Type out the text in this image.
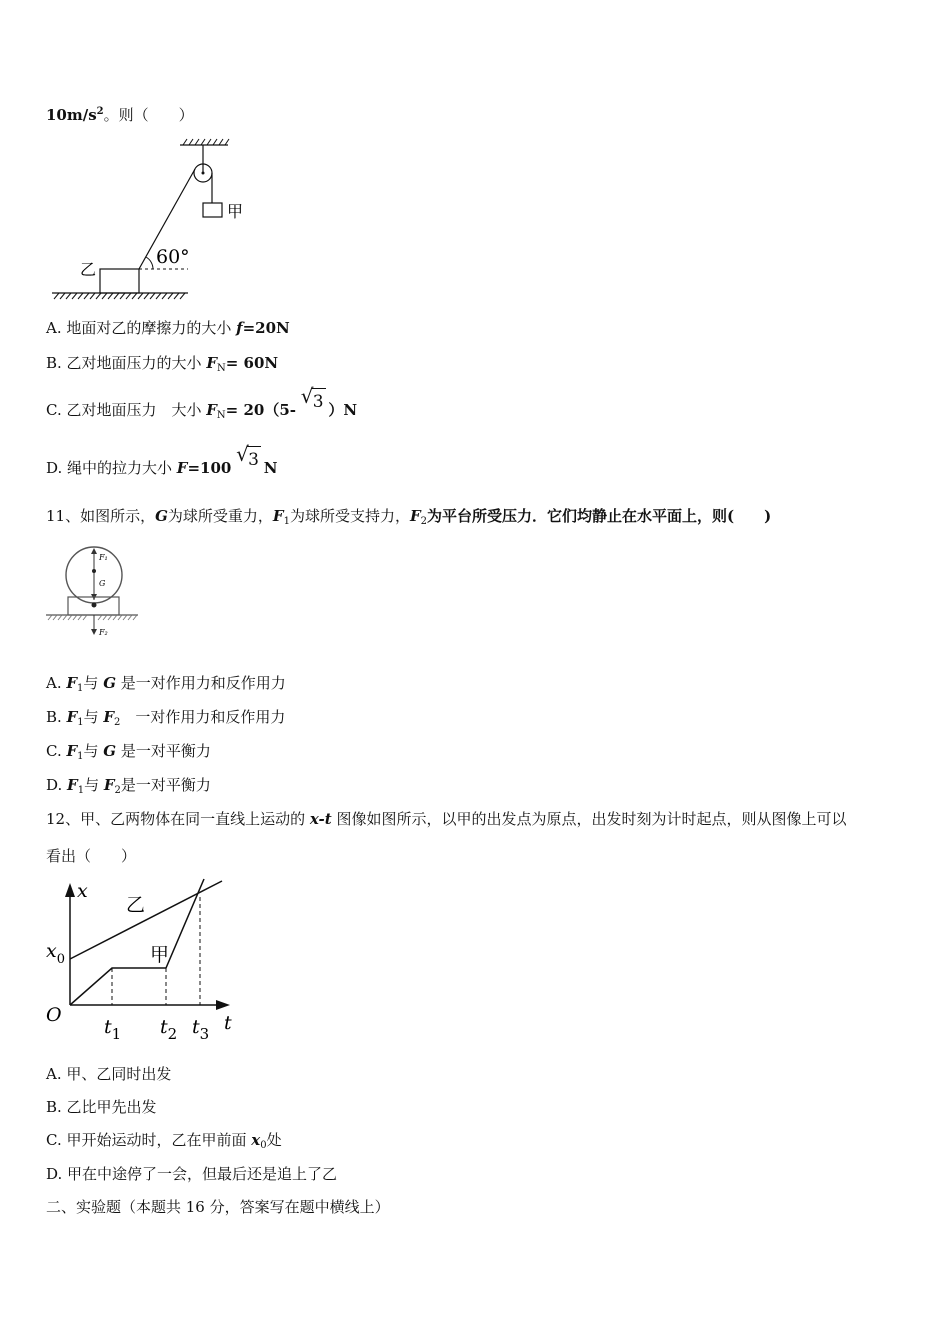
$10m/s^2$。则（　　）
甲
60°
乙
A. 地面对乙的摩擦力的大小 f=20N
B. 乙对地面压力的大小 $F_N= 60N$
C. 乙对地面压力　大小 $F_N= 20(5-$
√ 3 ）N
D. 绳中的拉力大小 F=100
√ 3 N
11、如图所示，G为球所受重力，$F_1$为球所受支持力，$F_2$为平台所受压力．它们均静止在水平面上，则(　　)
F₁
G
F₂
A. $F_1$与 G 是一对作用力和反作用力
B. $F_1$与 $F_2$　一对作用力和反作用力
C. $F_1$与 G 是一对平衡力
D. $F_1$与 $F_2$是一对平衡力
12、甲、乙两物体在同一直线上运动的 x-t 图像如图所示，以甲的出发点为原点，出发时刻为计时起点，则从图像上可以
看出（　　）
x
t
O
$x_0$
乙
甲
$t_1$ $t_2$ $t_3$
A. 甲、乙同时出发
B. 乙比甲先出发
C. 甲开始运动时，乙在甲前面 $x_0$处
D. 甲在中途停了一会，但最后还是追上了乙
二、实验题（本题共 16 分，答案写在题中横线上）
